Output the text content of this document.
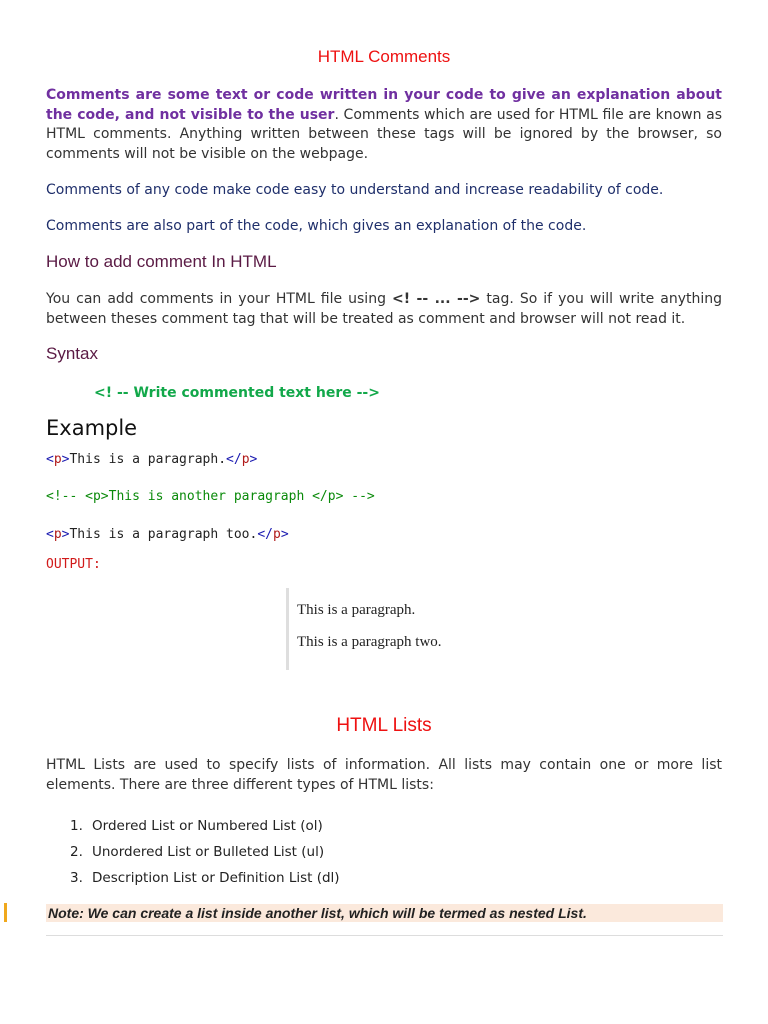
HTML Comments

Comments are some text or code written in your code to give an explanation about the code, and not visible to the user. Comments which are used for HTML file are known as HTML comments. Anything written between these tags will be ignored by the browser, so comments will not be visible on the webpage.

Comments of any code make code easy to understand and increase readability of code.

Comments are also part of the code, which gives an explanation of the code.

How to add comment In HTML

You can add comments in your HTML file using <! -- ... --> tag. So if you will write anything between theses comment tag that will be treated as comment and browser will not read it.

Syntax

<! -- Write commented text here -->

Example
<p>This is a paragraph.</p>
<!-- <p>This is another paragraph </p> -->
<p>This is a paragraph too.</p>
OUTPUT:
This is a paragraph.
This is a paragraph two.
HTML Lists

HTML Lists are used to specify lists of information. All lists may contain one or more list elements. There are three different types of HTML lists:

1. Ordered List or Numbered List (ol)
2. Unordered List or Bulleted List (ul)
3. Description List or Definition List (dl)
Note: We can create a list inside another list, which will be termed as nested List.
